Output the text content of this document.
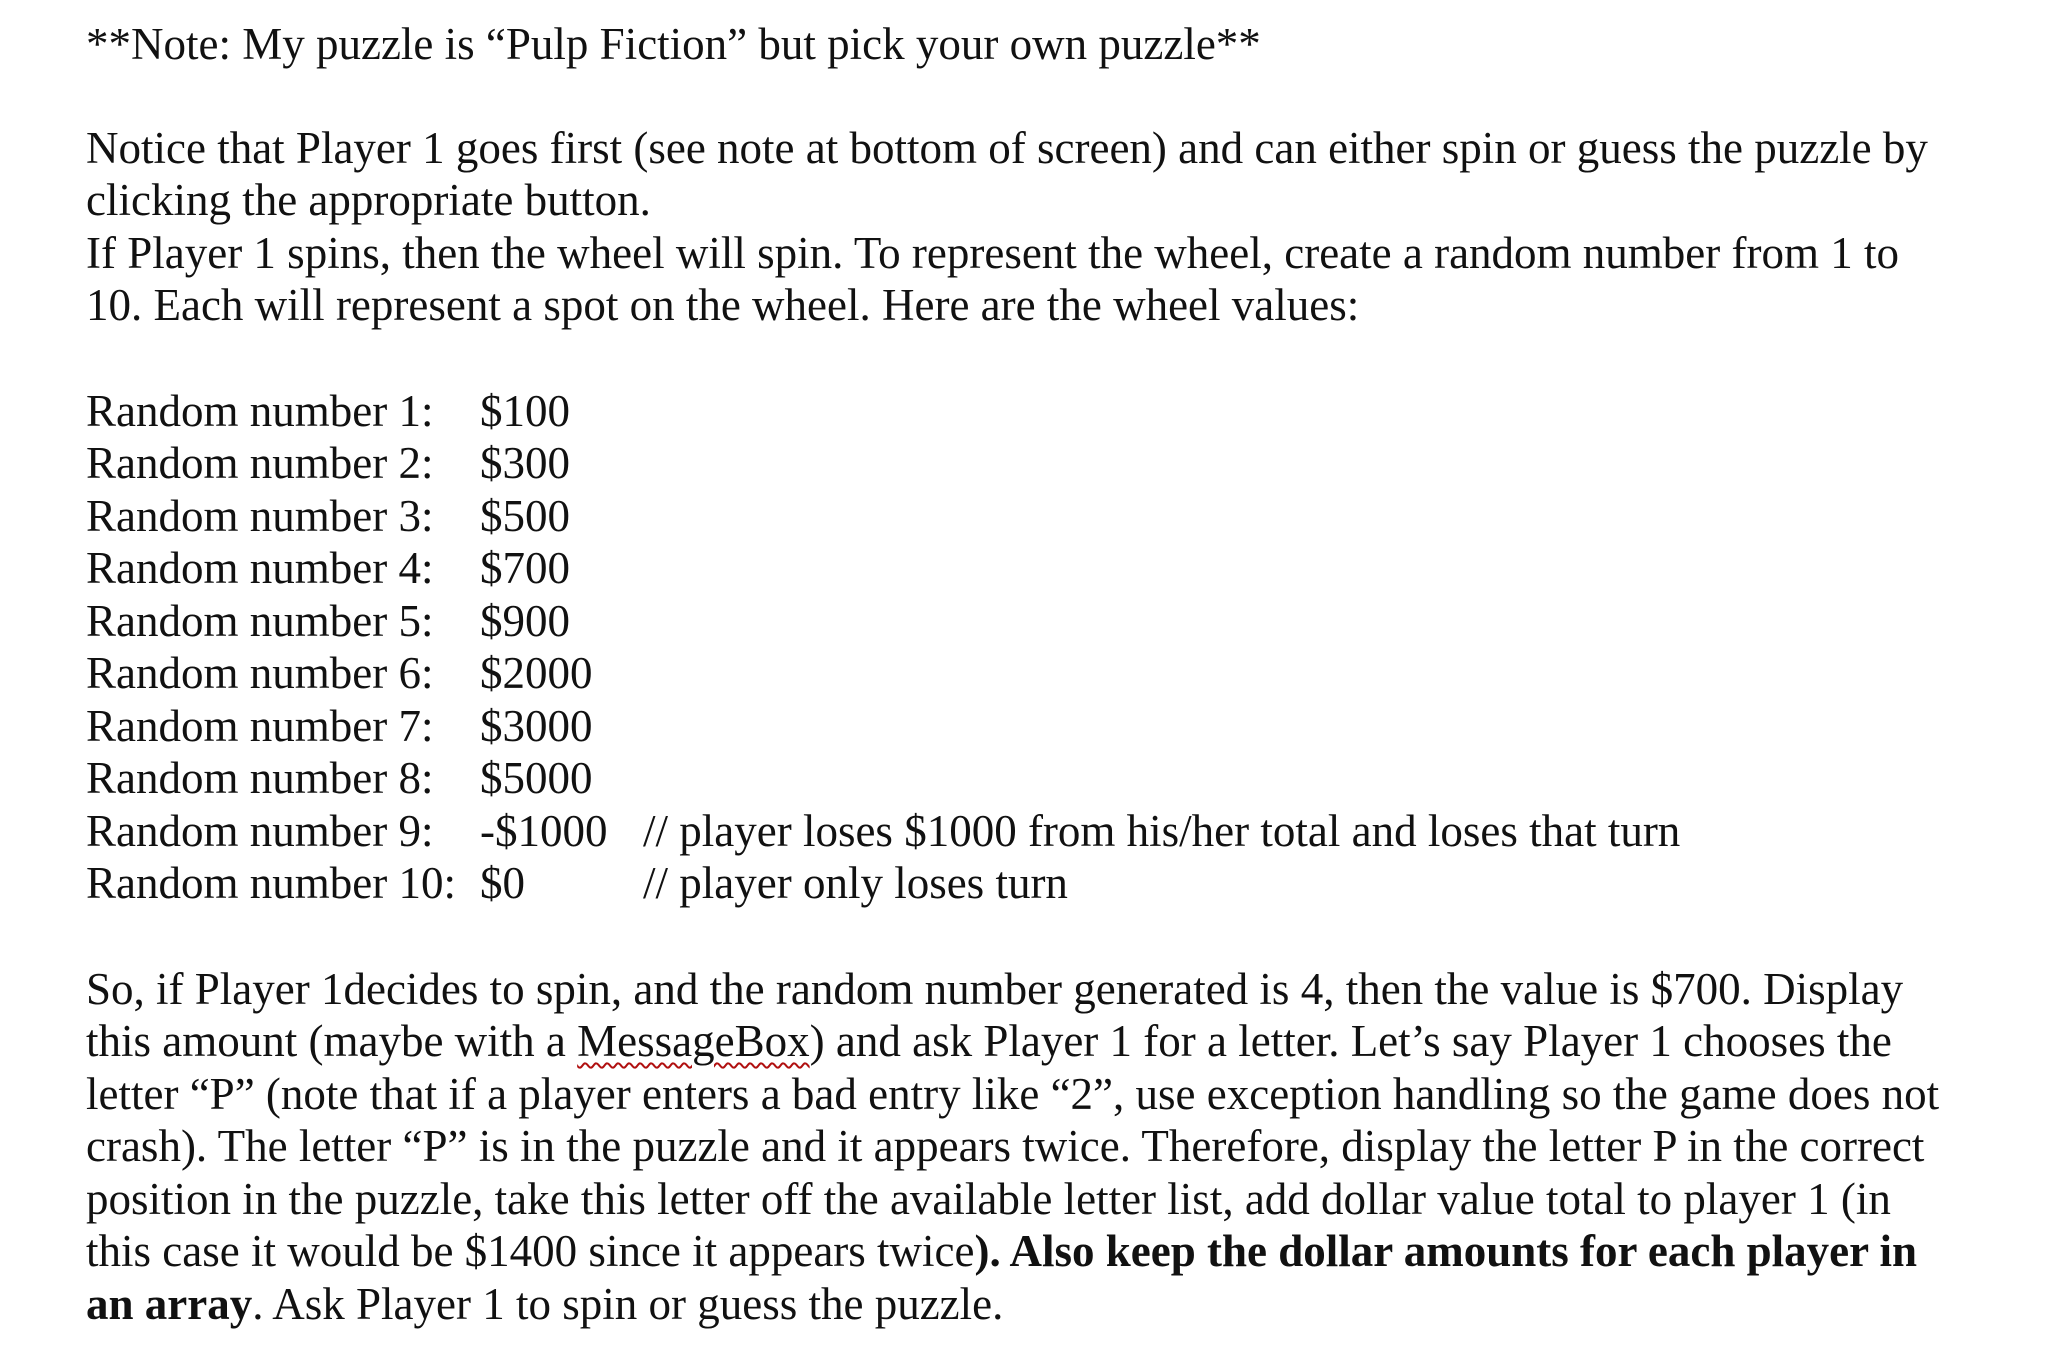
**Note: My puzzle is “Pulp Fiction” but pick your own puzzle**
Notice that Player 1 goes first (see note at bottom of screen) and can either spin or guess the puzzle by
clicking the appropriate button.
If Player 1 spins, then the wheel will spin. To represent the wheel, create a random number from 1 to
10. Each will represent a spot on the wheel. Here are the wheel values:
Random number 1: $100
Random number 2: $300
Random number 3: $500
Random number 4: $700
Random number 5: $900
Random number 6: $2000
Random number 7: $3000
Random number 8: $5000
Random number 9: -$1000 // player loses $1000 from his/her total and loses that turn
Random number 10: $0	// player only loses turn
So, if Player 1decides to spin, and the random number generated is 4, then the value is $700. Display
this amount (maybe with a MessageBox) and ask Player 1 for a letter. Let’s say Player 1 chooses the
letter “P” (note that if a player enters a bad entry like “2”, use exception handling so the game does not
crash). The letter “P” is in the puzzle and it appears twice. Therefore, display the letter P in the correct
position in the puzzle, take this letter off the available letter list, add dollar value total to player 1 (in
this case it would be $1400 since it appears twice). Also keep the dollar amounts for each player in
an array. Ask Player 1 to spin or guess the puzzle.
